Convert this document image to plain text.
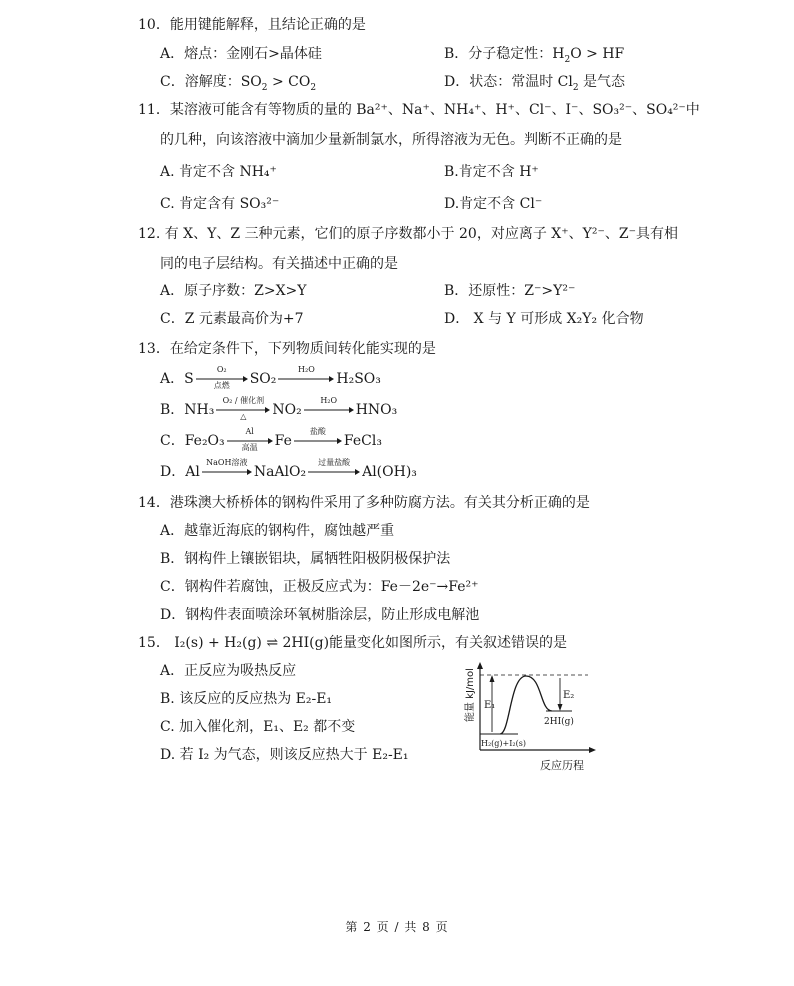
10．能用键能解释，且结论正确的是
A．熔点：金刚石>晶体硅	B．分子稳定性：$H_2O$ > HF
C．溶解度：$SO_2 > CO_2$	D．状态：常温时 $Cl_2$ 是气态
11．某溶液可能含有等物质的量的 Ba²⁺、Na⁺、NH₄⁺、H⁺、Cl⁻、I⁻、SO₃²⁻、SO₄²⁻中
的几种，向该溶液中滴加少量新制氯水，所得溶液为无色。判断不正确的是
A. 肯定不含 NH₄⁺	B.肯定不含 H⁺
C. 肯定含有 SO₃²⁻	D.肯定不含 Cl⁻
12. 有 X、Y、Z 三种元素，它们的原子序数都小于 20，对应离子 X⁺、Y²⁻、Z⁻具有相
同的电子层结构。有关描述中正确的是
A．原子序数：Z>X>Y	B．还原性：Z⁻>Y²⁻
C．Z 元素最高价为+7	D． X 与 Y 可形成 X₂Y₂ 化合物
13．在给定条件下，下列物质间转化能实现的是
A．S
O₂
点燃	SO₂
H₂O
H₂SO₃
B．NH₃
O₂ / 催化剂
△	NO₂
H₂O
HNO₃
C．Fe₂O₃
Al
高温	Fe
盐酸
FeCl₃
D．Al
NaOH溶液
NaAlO₂
过量盐酸
Al(OH)₃
14．港珠澳大桥桥体的钢构件采用了多种防腐方法。有关其分析正确的是
A．越靠近海底的钢构件，腐蚀越严重
B．钢构件上镶嵌铝块，属牺牲阳极阴极保护法
C．钢构件若腐蚀，正极反应式为：Fe－2e⁻→Fe²⁺
D．钢构件表面喷涂环氧树脂涂层，防止形成电解池
15． I₂(s) + H₂(g) ⇌ 2HI(g)能量变化如图所示，有关叙述错误的是
A．正反应为吸热反应
B. 该反应的反应热为 E₂-E₁
C. 加入催化剂，E₁、E₂ 都不变
D. 若 I₂ 为气态，则该反应热大于 E₂-E₁
E₁
E₂
2HI(g)
H₂(g)+I₂(s)
能量 kJ/mol
反应历程
第 2 页 / 共 8 页
